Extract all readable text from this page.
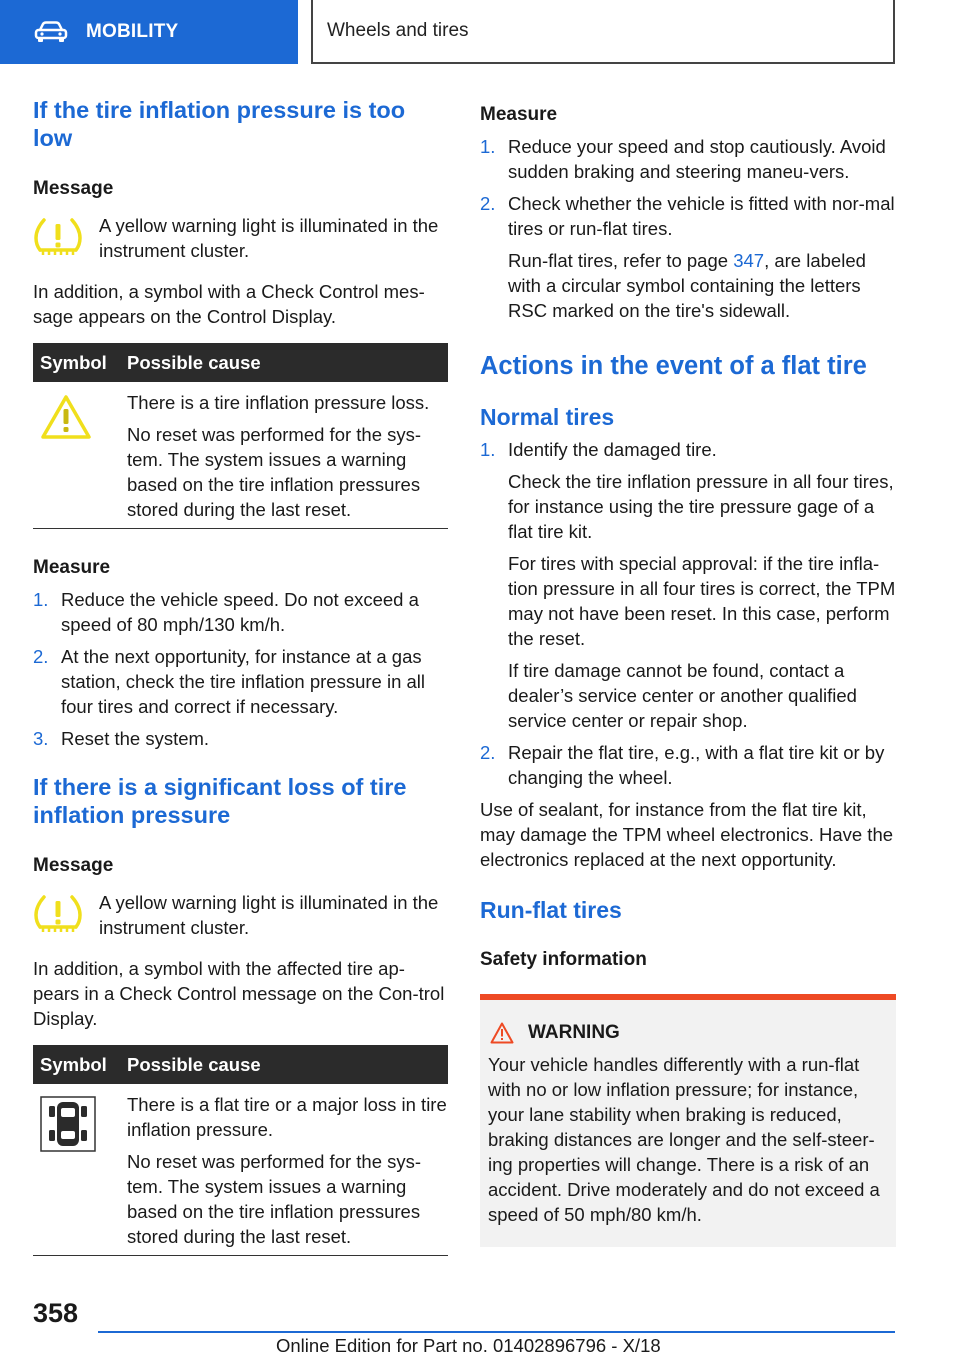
MOBILITY	Wheels and tires
If the tire inflation pressure is too low
Message
A yellow warning light is illuminated in the instrument cluster.
In addition, a symbol with a Check Control mes-sage appears on the Control Display.
Symbol	Possible cause
There is a tire inflation pressure loss.
No reset was performed for the sys-tem. The system issues a warning based on the tire inflation pressures stored during the last reset.
Measure
1. Reduce the vehicle speed. Do not exceed a speed of 80 mph/130 km/h.
2. At the next opportunity, for instance at a gas station, check the tire inflation pressure in all four tires and correct if necessary.
3. Reset the system.
If there is a significant loss of tire inflation pressure
Message
A yellow warning light is illuminated in the instrument cluster.
In addition, a symbol with the affected tire ap-pears in a Check Control message on the Con-trol Display.
Symbol	Possible cause
There is a flat tire or a major loss in tire inflation pressure.
No reset was performed for the sys-tem. The system issues a warning based on the tire inflation pressures stored during the last reset.
Measure
1. Reduce your speed and stop cautiously. Avoid sudden braking and steering maneu-vers.
2. Check whether the vehicle is fitted with nor-mal tires or run-flat tires.
Run-flat tires, refer to page 347, are labeled with a circular symbol containing the letters RSC marked on the tire's sidewall.
Actions in the event of a flat tire
Normal tires
1. Identify the damaged tire.
Check the tire inflation pressure in all four tires, for instance using the tire pressure gage of a flat tire kit.
For tires with special approval: if the tire infla-tion pressure in all four tires is correct, the TPM may not have been reset. In this case, perform the reset.
If tire damage cannot be found, contact a dealer’s service center or another qualified service center or repair shop.
2. Repair the flat tire, e.g., with a flat tire kit or by changing the wheel.
Use of sealant, for instance from the flat tire kit, may damage the TPM wheel electronics. Have the electronics replaced at the next opportunity.
Run-flat tires
Safety information
WARNING
Your vehicle handles differently with a run-flat with no or low inflation pressure; for instance, your lane stability when braking is reduced, braking distances are longer and the self-steer-ing properties will change. There is a risk of an accident. Drive moderately and do not exceed a speed of 50 mph/80 km/h.
358
Online Edition for Part no. 01402896796 - X/18
